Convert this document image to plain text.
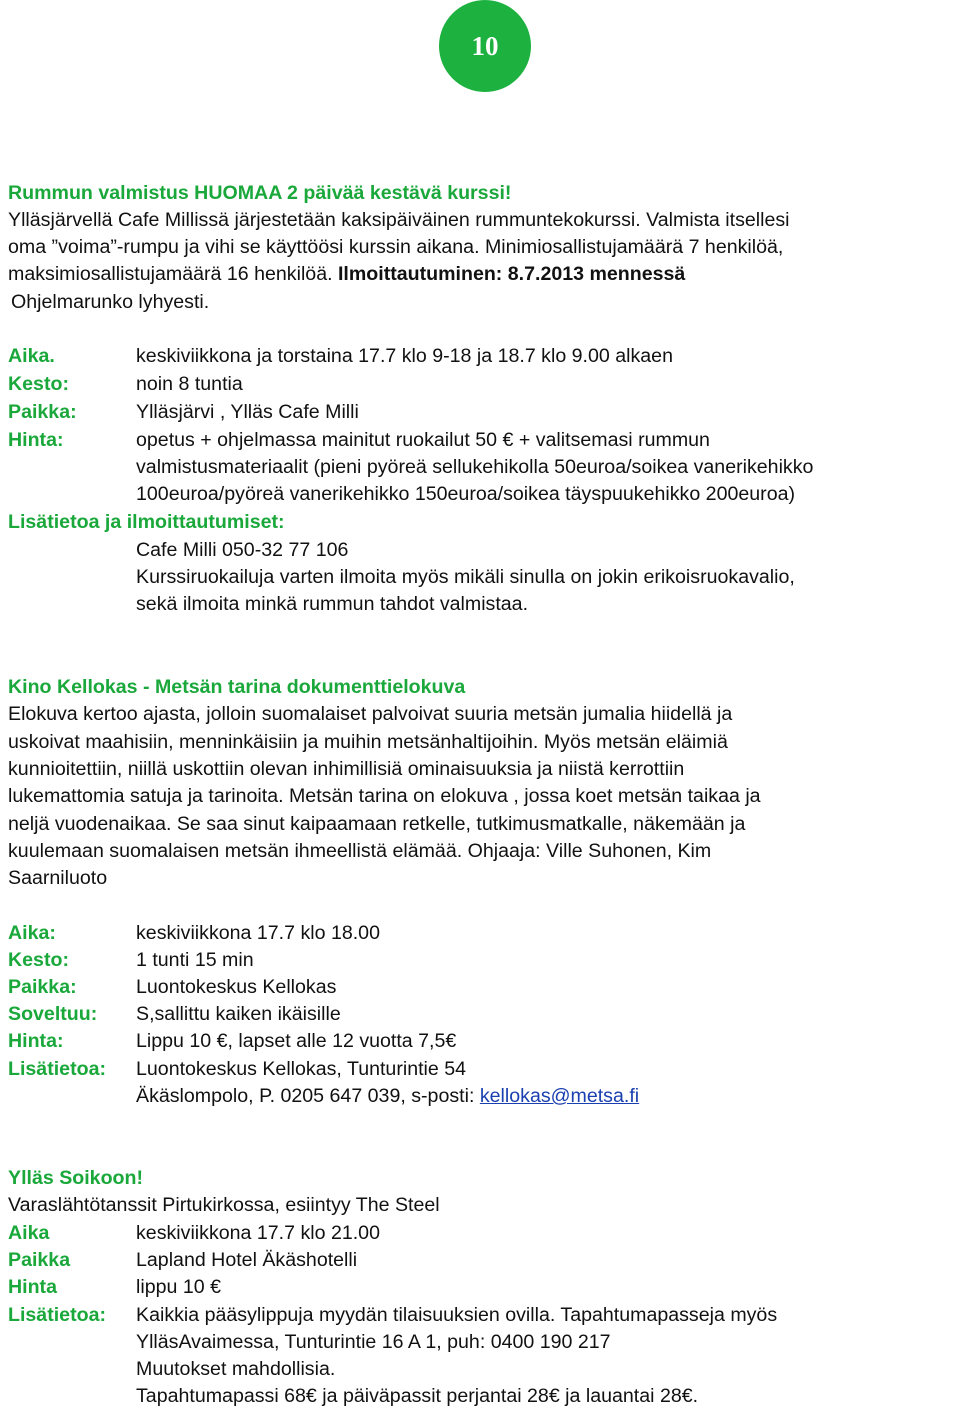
10
Rummun valmistus HUOMAA 2 päivää kestävä kurssi!
Ylläsjärvellä Cafe Millissä järjestetään kaksipäiväinen rummuntekokurssi. Valmista itsellesi
oma ”voima”-rumpu ja vihi se käyttöösi kurssin aikana. Minimiosallistujamäärä 7 henkilöä,
maksimiosallistujamäärä 16 henkilöä. Ilmoittautuminen: 8.7.2013 mennessä
Ohjelmarunko lyhyesti.
Aika.	keskiviikkona ja torstaina 17.7 klo 9-18 ja 18.7 klo 9.00 alkaen
Kesto:	noin 8 tuntia
Paikka:	Ylläsjärvi , Ylläs Cafe Milli
Hinta:	opetus + ohjelmassa mainitut ruokailut 50 € + valitsemasi rummun
valmistusmateriaalit (pieni pyöreä sellukehikolla 50euroa/soikea vanerikehikko
100euroa/pyöreä vanerikehikko 150euroa/soikea täyspuukehikko 200euroa)
Lisätietoa ja ilmoittautumiset:
Cafe Milli 050-32 77 106
Kurssiruokailuja varten ilmoita myös mikäli sinulla on jokin erikoisruokavalio,
sekä ilmoita minkä rummun tahdot valmistaa.
Kino Kellokas - Metsän tarina dokumenttielokuva
Elokuva kertoo ajasta, jolloin suomalaiset palvoivat suuria metsän jumalia hiidellä ja
uskoivat maahisiin, menninkäisiin ja muihin metsänhaltijoihin. Myös metsän eläimiä
kunnioitettiin, niillä uskottiin olevan inhimillisiä ominaisuuksia ja niistä kerrottiin
lukemattomia satuja ja tarinoita. Metsän tarina on elokuva , jossa koet metsän taikaa ja
neljä vuodenaikaa. Se saa sinut kaipaamaan retkelle, tutkimusmatkalle, näkemään ja
kuulemaan suomalaisen metsän ihmeellistä elämää. Ohjaaja: Ville Suhonen, Kim
Saarniluoto
Aika:	keskiviikkona 17.7 klo 18.00
Kesto:	1 tunti 15 min
Paikka:	Luontokeskus Kellokas
Soveltuu: S,sallittu kaiken ikäisille
Hinta:	Lippu 10 €, lapset alle 12 vuotta 7,5€
Lisätietoa: Luontokeskus Kellokas, Tunturintie 54
Äkäslompolo, P. 0205 647 039, s-posti: kellokas@metsa.fi
Ylläs Soikoon!
Varaslähtötanssit Pirtukirkossa, esiintyy The Steel
Aika	keskiviikkona 17.7 klo 21.00
Paikka	Lapland Hotel Äkäshotelli
Hinta	lippu 10 €
Lisätietoa: Kaikkia pääsylippuja myydän tilaisuuksien ovilla. Tapahtumapasseja myös
YlläsAvaimessa, Tunturintie 16 A 1, puh: 0400 190 217
Muutokset mahdollisia.
Tapahtumapassi 68€ ja päiväpassit perjantai 28€ ja lauantai 28€.
